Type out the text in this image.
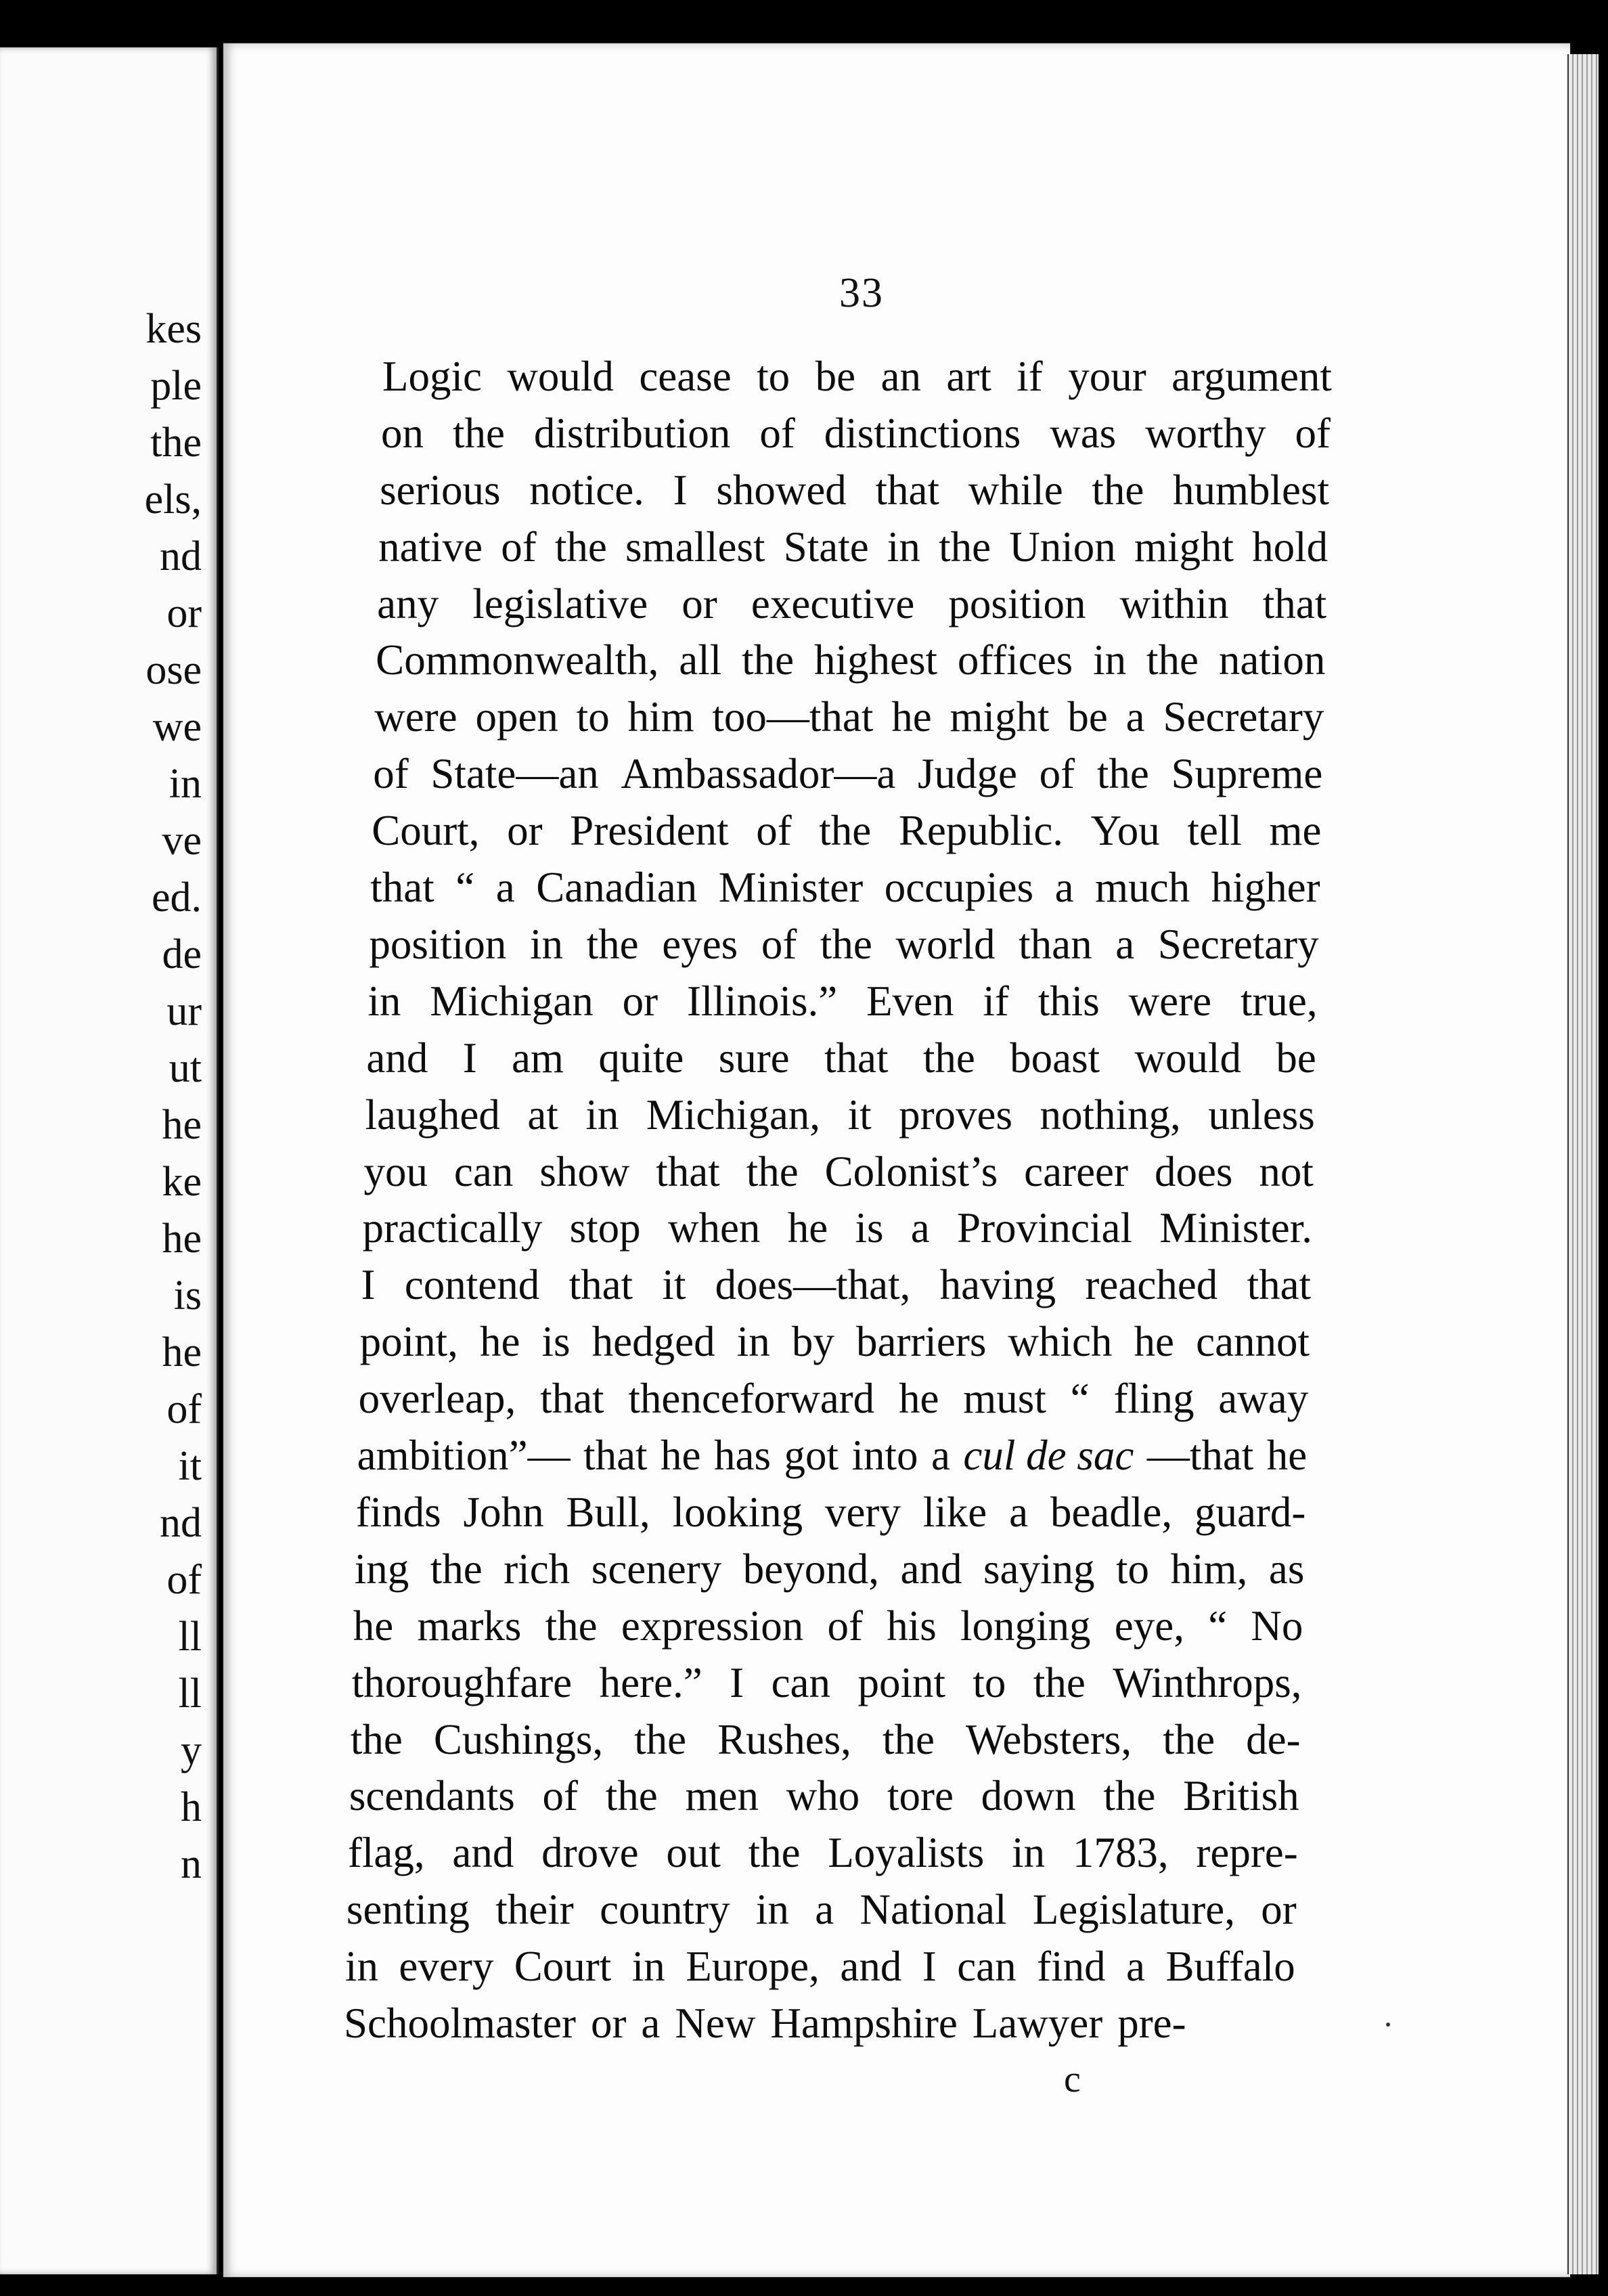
kes
ple
the
els,
nd
or
ose
we
in
ve
ed.
de
ur
ut
he
ke
he
is
he
of
it
nd
of
ll
ll
y
h
n
33
Logic would cease to be an art if your argument
on the distribution of distinctions was worthy of
serious notice. I showed that while the humblest
native of the smallest State in the Union might hold
any legislative or executive position within that
Commonwealth, all the highest offices in the nation
were open to him too—that he might be a Secretary
of State—an Ambassador—a Judge of the Supreme
Court, or President of the Republic. You tell me
that “ a Canadian Minister occupies a much higher
position in the eyes of the world than a Secretary
in Michigan or Illinois.” Even if this were true,
and I am quite sure that the boast would be
laughed at in Michigan, it proves nothing, unless
you can show that the Colonist’s career does not
practically stop when he is a Provincial Minister.
I contend that it does—that, having reached that
point, he is hedged in by barriers which he cannot
overleap, that thenceforward he must “ fling away
ambition”— that he has got into a cul de sac —that he
finds John Bull, looking very like a beadle, guard-
ing the rich scenery beyond, and saying to him, as
he marks the expression of his longing eye, “ No
thoroughfare here.” I can point to the Winthrops,
the Cushings, the Rushes, the Websters, the de-
scendants of the men who tore down the British
flag, and drove out the Loyalists in 1783, repre-
senting their country in a National Legislature, or
in every Court in Europe, and I can find a Buffalo
Schoolmaster or a New Hampshire Lawyer pre-
c
